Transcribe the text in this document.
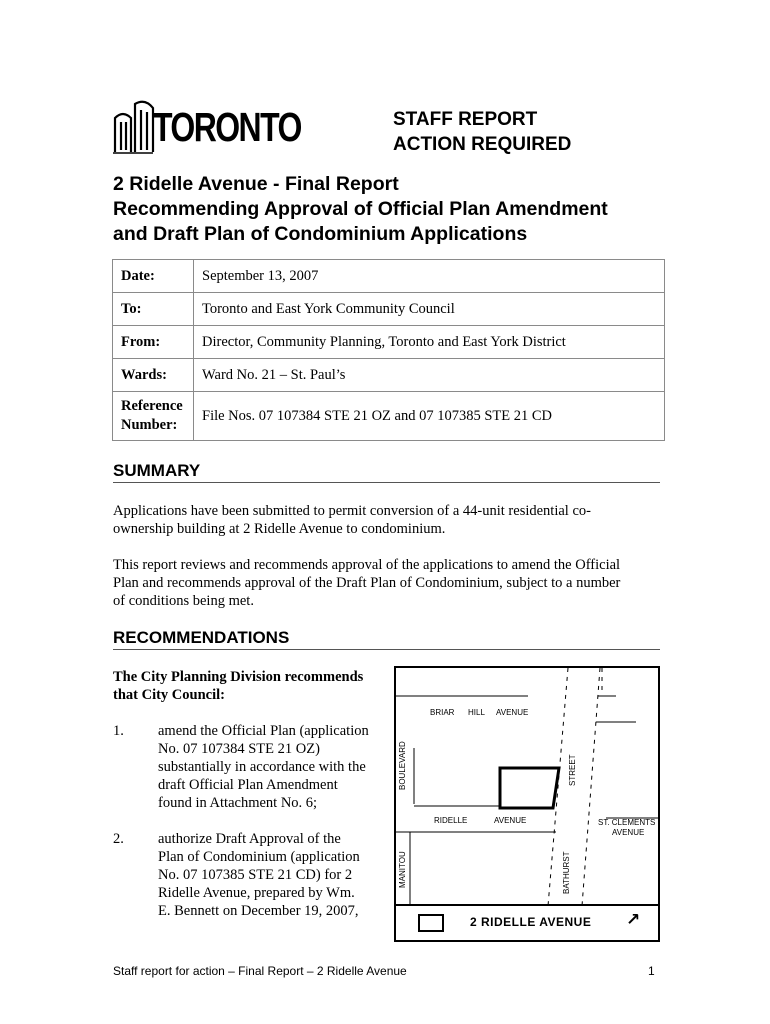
TORONTO	STAFF REPORT
ACTION REQUIRED
2 Ridelle Avenue - Final Report
Recommending Approval of Official Plan Amendment
and Draft Plan of Condominium Applications
Date:	September 13, 2007
To:	Toronto and East York Community Council
From:	Director, Community Planning, Toronto and East York District
Wards:	Ward No. 21 – St. Paul’s

Reference
Number:	File Nos. 07 107384 STE 21 OZ and 07 107385 STE 21 CD
SUMMARY
Applications have been submitted to permit conversion of a 44-unit residential co-
ownership building at 2 Ridelle Avenue to condominium.
This report reviews and recommends approval of the applications to amend the Official
Plan and recommends approval of the Draft Plan of Condominium, subject to a number
of conditions being met.
RECOMMENDATIONS
The City Planning Division recommends
that City Council:
1. amend the Official Plan (application
No. 07 107384 STE 21 OZ)
substantially in accordance with the
draft Official Plan Amendment
found in Attachment No. 6;
2. authorize Draft Approval of the
Plan of Condominium (application
No. 07 107385 STE 21 CD) for 2
Ridelle Avenue, prepared by Wm.
E. Bennett on December 19, 2007,
BRIAR HILL AVENUE
BOULEVARD	STREET
RIDELLE	AVENUE	ST. CLEMENTS
AVENUE
MANITOU	BATHURST
2 RIDELLE AVENUE ↗
Staff report for action – Final Report – 2 Ridelle Avenue	1
